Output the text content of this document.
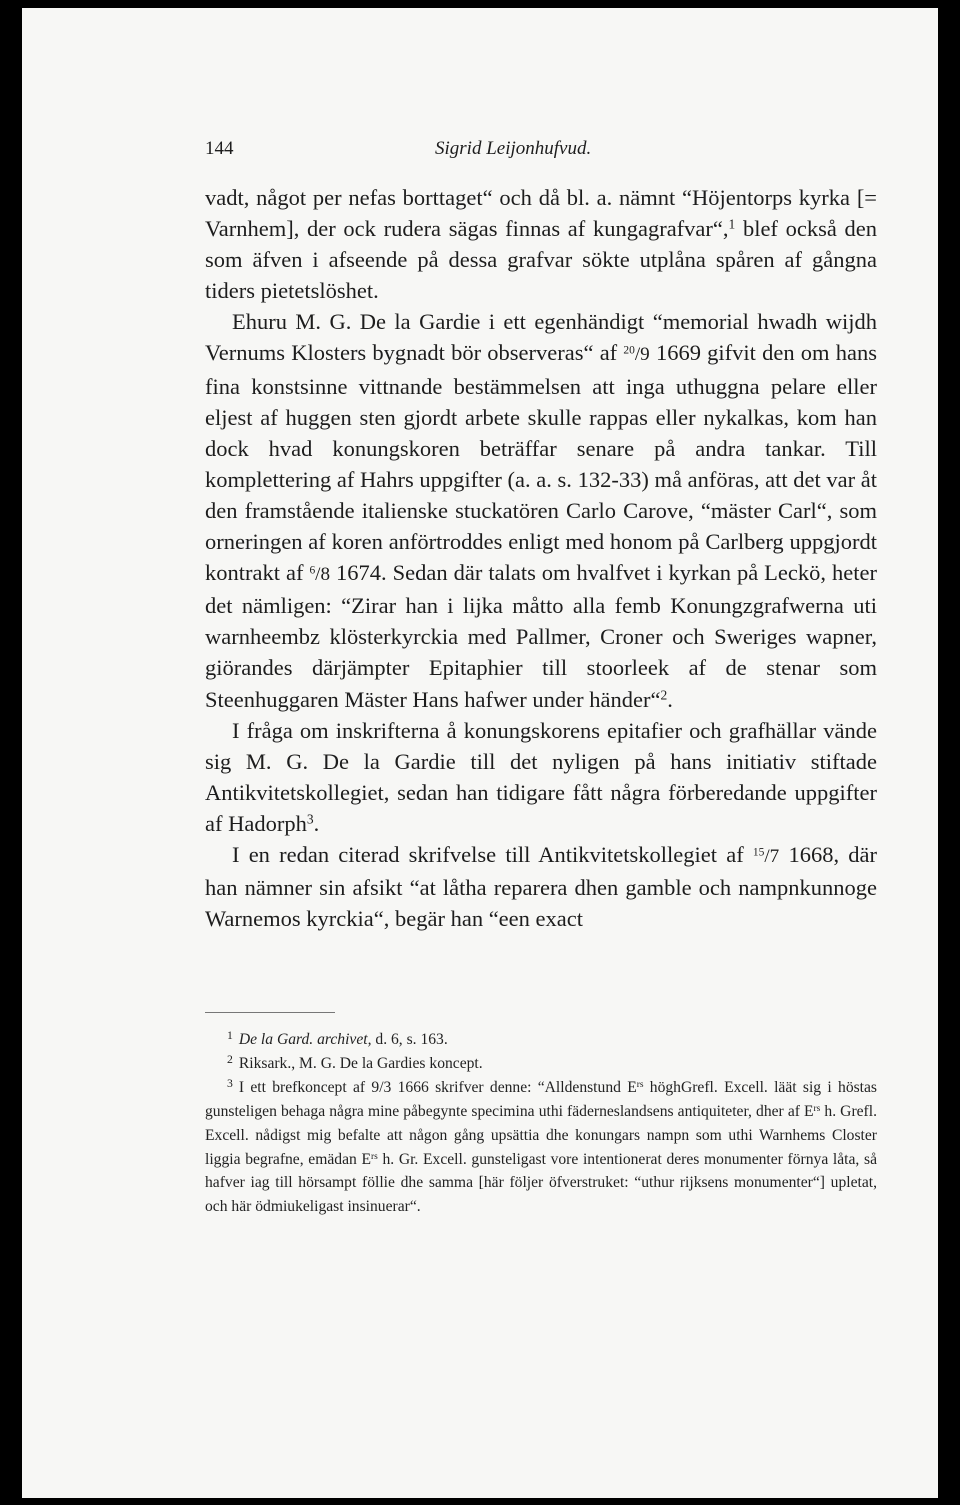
144	Sigrid Leijonhufvud.

vadt, något per nefas borttaget“ och då bl. a. nämnt “Höjentorps kyrka [= Varnhem], der ock rudera sägas finnas af kungagrafvar“,$^1$ blef också den som äfven i afseende på dessa grafvar sökte utplåna spåren af gångna tiders pietetslöshet.

Ehuru M. G. De la Gardie i ett egenhändigt “memorial hwadh wijdh Vernums Klosters bygnadt bör observeras“ af $^{20}$/9 1669 gifvit den om hans fina konstsinne vittnande bestämmelsen att inga uthuggna pelare eller eljest af huggen sten gjordt arbete skulle rappas eller nykalkas, kom han dock hvad konungskoren beträffar senare på andra tankar. Till komplettering af Hahrs uppgifter (a. a. s. 132-33) må anföras, att det var åt den framstående italienske stuckatören Carlo Carove, “mäster Carl“, som orneringen af koren anförtroddes enligt med honom på Carlberg uppgjordt kontrakt af $^6$/8 1674. Sedan där talats om hvalfvet i kyrkan på Leckö, heter det nämligen: “Zirar han i lijka måtto alla femb Konungzgrafwerna uti warnheembz klösterkyrckia med Pallmer, Croner och Sweriges wapner, giörandes därjämpter Epitaphier till stoorleek af de stenar som Steenhuggaren Mäster Hans hafwer under händer“$^2$.

I fråga om inskrifterna å konungskorens epitafier och grafhällar vände sig M. G. De la Gardie till det nyligen på hans initiativ stiftade Antikvitetskollegiet, sedan han tidigare fått några förberedande uppgifter af Hadorph$^3$.

I en redan citerad skrifvelse till Antikvitetskollegiet af $^{15}$/7 1668, där han nämner sin afsikt “at låtha reparera dhen gamble och nampnkunnoge Warnemos kyrckia“, begär han “een exact

$^1$ De la Gard. archivet, d. 6, s. 163.

$^2$ Riksark., M. G. De la Gardies koncept.

$^3$ I ett brefkoncept af 9/3 1666 skrifver denne: “Alldenstund $E^{rs}$ höghGrefl. Excell. läät sig i höstas gunsteligen behaga några mine påbegynte specimina uthi fäderneslandsens antiquiteter, dher af $E^{rs}$ h. Grefl. Excell. nådigst mig befalte att någon gång upsättia dhe konungars nampn som uthi Warnhems Closter liggia begrafne, emädan $E^{rs}$ h. Gr. Excell. gunsteligast vore intentionerat deres monumenter förnya låta, så hafver iag till hörsampt föllie dhe samma [här följer öfverstruket: “uthur rijksens monumenter“] upletat, och här ödmiukeligast insinuerar“.
